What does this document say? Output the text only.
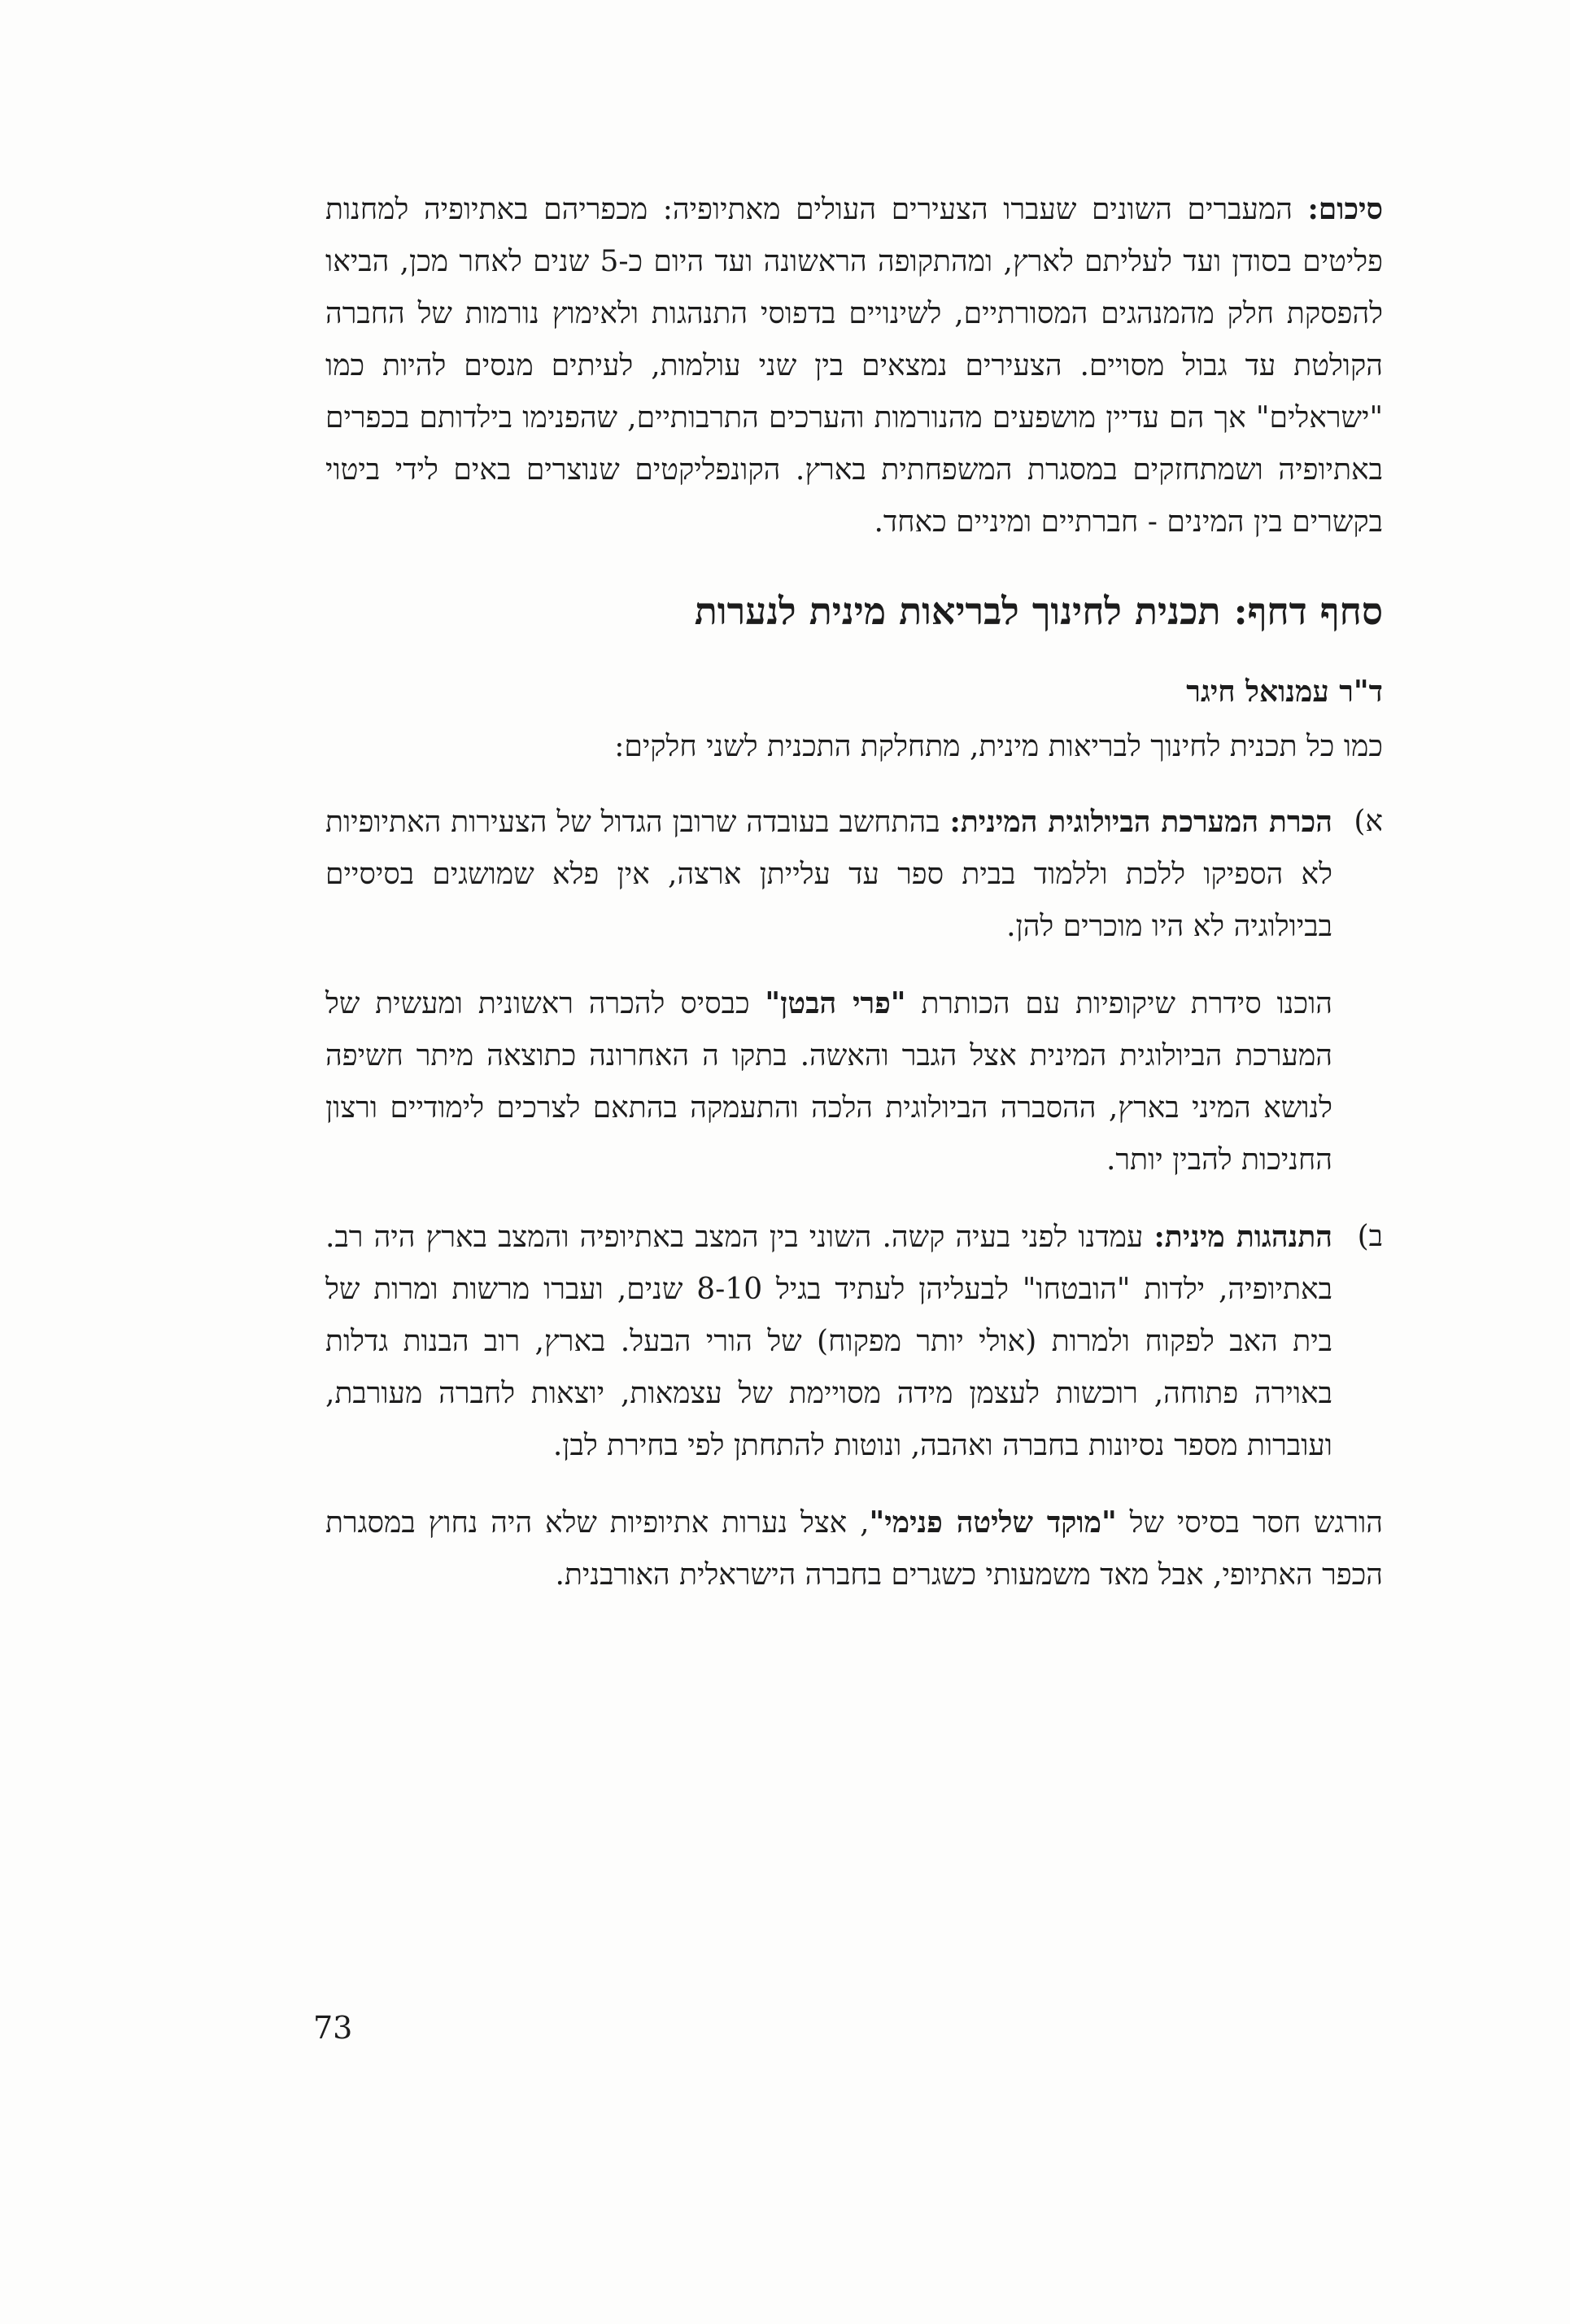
סיכום: המעברים השונים שעברו הצעירים העולים מאתיופיה: מכפריהם באתיופיה למחנות פליטים בסודן ועד לעליתם לארץ, ומהתקופה הראשונה ועד היום כ-5 שנים לאחר מכן, הביאו להפסקת חלק מהמנהגים המסורתיים, לשינויים בדפוסי התנהגות ולאימוץ נורמות של החברה הקולטת עד גבול מסויים. הצעירים נמצאים בין שני עולמות, לעיתים מנסים להיות כמו "ישראלים" אך הם עדיין מושפעים מהנורמות והערכים התרבותיים, שהפנימו בילדותם בכפרים באתיופיה ושמתחזקים במסגרת המשפחתית בארץ. הקונפליקטים שנוצרים באים לידי ביטוי בקשרים בין המינים - חברתיים ומיניים כאחד.

סחף דחף: תכנית לחינוך לבריאות מינית לנערות
ד"ר עמנואל חיגר

כמו כל תכנית לחינוך לבריאות מינית, מתחלקת התכנית לשני חלקים:

א)

הכרת המערכת הביולוגית המינית: בהתחשב בעובדה שרובן הגדול של הצעירות האתיופיות לא הספיקו ללכת וללמוד בבית ספר עד עלייתן ארצה, אין פלא שמושגים בסיסיים בביולוגיה לא היו מוכרים להן.

הוכנו סידרת שיקופיות עם הכותרת "פרי הבטן" כבסיס להכרה ראשונית ומעשית של המערכת הביולוגית המינית אצל הגבר והאשה. בתקו ה האחרונה כתוצאה מיתר חשיפה לנושא המיני בארץ, ההסברה הביולוגית הלכה והתעמקה בהתאם לצרכים לימודיים ורצון החניכות להבין יותר.

ב)

התנהגות מינית: עמדנו לפני בעיה קשה. השוני בין המצב באתיופיה והמצב בארץ היה רב. באתיופיה, ילדות "הובטחו" לבעליהן לעתיד בגיל 8-10 שנים, ועברו מרשות ומרות של בית האב לפקוח ולמרות (אולי יותר מפקוח) של הורי הבעל. בארץ, רוב הבנות גדלות באוירה פתוחה, רוכשות לעצמן מידה מסויימת של עצמאות, יוצאות לחברה מעורבת, ועוברות מספר נסיונות בחברה ואהבה, ונוטות להתחתן לפי בחירת לבן.

הורגש חסר בסיסי של "מוקד שליטה פנימי", אצל נערות אתיופיות שלא היה נחוץ במסגרת הכפר האתיופי, אבל מאד משמעותי כשגרים בחברה הישראלית האורבנית.

73
